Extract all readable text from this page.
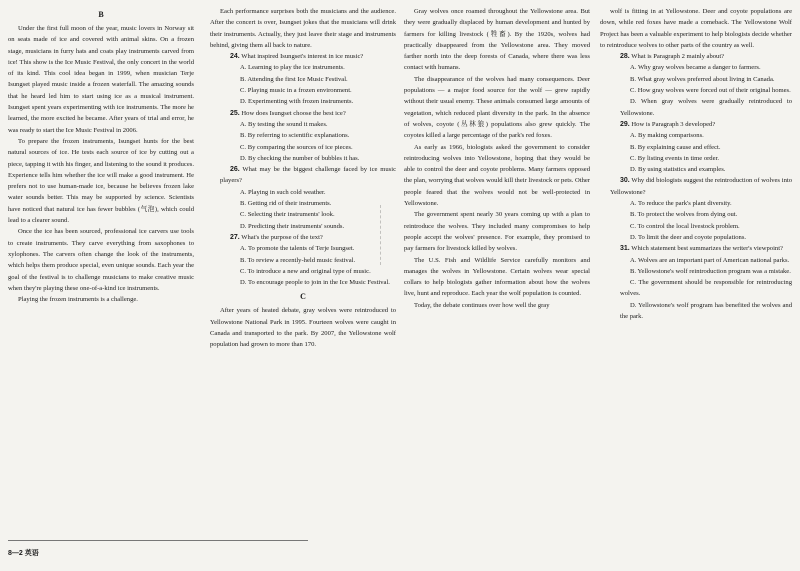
B

Under the first full moon of the year, music lovers in Norway sit on seats made of ice and covered with animal skins. On a frozen stage, musicians in furry hats and coats play instruments carved from ice! This show is the Ice Music Festival, the only concert in the world of its kind. This cool idea began in 1999, when musician Terje Isungset played music inside a frozen waterfall. The amazing sounds that he heard led him to start using ice as a musical instrument. Isungset spent years experimenting with ice instruments. The more he learned, the more excited he became. After years of trial and error, he was ready to start the Ice Music Festival in 2006.

To prepare the frozen instruments, Isungset hunts for the best natural sources of ice. He tests each source of ice by cutting out a piece, tapping it with his finger, and listening to the sound it produces. Experience tells him whether the ice will make a good instrument. He prefers not to use human-made ice, because he believes frozen lake water sounds better. This may be supported by science. Scientists have noticed that natural ice has fewer bubbles (气泡), which could lead to a clearer sound.

Once the ice has been sourced, professional ice carvers use tools to create instruments. They carve everything from saxophones to xylophones. The carvers often change the look of the instruments, which helps them produce special, even unique sounds. Each year the goal of the festival is to challenge musicians to make creative music when they're playing these one-of-a-kind ice instruments.

Playing the frozen instruments is a challenge.

Each performance surprises both the musicians and the audience. After the concert is over, Isungset jokes that the musicians will drink their instruments. Actually, they just leave their stage and instruments behind, giving them all back to nature.

24. What inspired Isungset's interest in ice music?

A. Learning to play the ice instruments.

B. Attending the first Ice Music Festival.

C. Playing music in a frozen environment.

D. Experimenting with frozen instruments.

25. How does Isungset choose the best ice?

A. By testing the sound it makes.

B. By referring to scientific explanations.

C. By comparing the sources of ice pieces.

D. By checking the number of bubbles it has.

26. What may be the biggest challenge faced by ice music players?

A. Playing in such cold weather.

B. Getting rid of their instruments.

C. Selecting their instruments' look.

D. Predicting their instruments' sounds.

27. What's the purpose of the text?

A. To promote the talents of Terje Isungset.

B. To review a recently-held music festival.

C. To introduce a new and original type of music.

D. To encourage people to join in the Ice Music Festival.

C

After years of heated debate, gray wolves were reintroduced to Yellowstone National Park in 1995. Fourteen wolves were caught in Canada and transported to the park. By 2007, the Yellowstone wolf population had grown to more than 170.

Gray wolves once roamed throughout the Yellowstone area. But they were gradually displaced by human development and hunted by farmers for killing livestock (牲畜). By the 1920s, wolves had practically disappeared from the Yellowstone area. They moved farther north into the deep forests of Canada, where there was less contact with humans.

The disappearance of the wolves had many consequences. Deer populations — a major food source for the wolf — grew rapidly without their usual enemy. These animals consumed large amounts of vegetation, which reduced plant diversity in the park. In the absence of wolves, coyote (丛林狼) populations also grew quickly. The coyotes killed a large percentage of the park's red foxes.

As early as 1966, biologists asked the government to consider reintroducing wolves into Yellowstone, hoping that they would be able to control the deer and coyote problems. Many farmers opposed the plan, worrying that wolves would kill their livestock or pets. Other people feared that the wolves would not be well-protected in Yellowstone.

The government spent nearly 30 years coming up with a plan to reintroduce the wolves. They included many compromises to help people accept the wolves' presence. For example, they promised to pay farmers for livestock killed by wolves.

The U.S. Fish and Wildlife Service carefully monitors and manages the wolves in Yellowstone. Certain wolves wear special collars to help biologists gather information about how the wolves live, hunt and reproduce. Each year the wolf population is counted.

Today, the debate continues over how well the gray

wolf is fitting in at Yellowstone. Deer and coyote populations are down, while red foxes have made a comeback. The Yellowstone Wolf Project has been a valuable experiment to help biologists decide whether to reintroduce wolves to other parts of the country as well.

28. What is Paragraph 2 mainly about?

A. Why gray wolves became a danger to farmers.

B. What gray wolves preferred about living in Canada.

C. How gray wolves were forced out of their original homes.

D. When gray wolves were gradually reintroduced to Yellowstone.

29. How is Paragraph 3 developed?

A. By making comparisons.

B. By explaining cause and effect.

C. By listing events in time order.

D. By using statistics and examples.

30. Why did biologists suggest the reintroduction of wolves into Yellowstone?

A. To reduce the park's plant diversity.

B. To protect the wolves from dying out.

C. To control the local livestock problem.

D. To limit the deer and coyote populations.

31. Which statement best summarizes the writer's viewpoint?

A. Wolves are an important part of American national parks.

B. Yellowstone's wolf reintroduction program was a mistake.

C. The government should be responsible for reintroducing wolves.

D. Yellowstone's wolf program has benefited the wolves and the park.

8—2 英语
